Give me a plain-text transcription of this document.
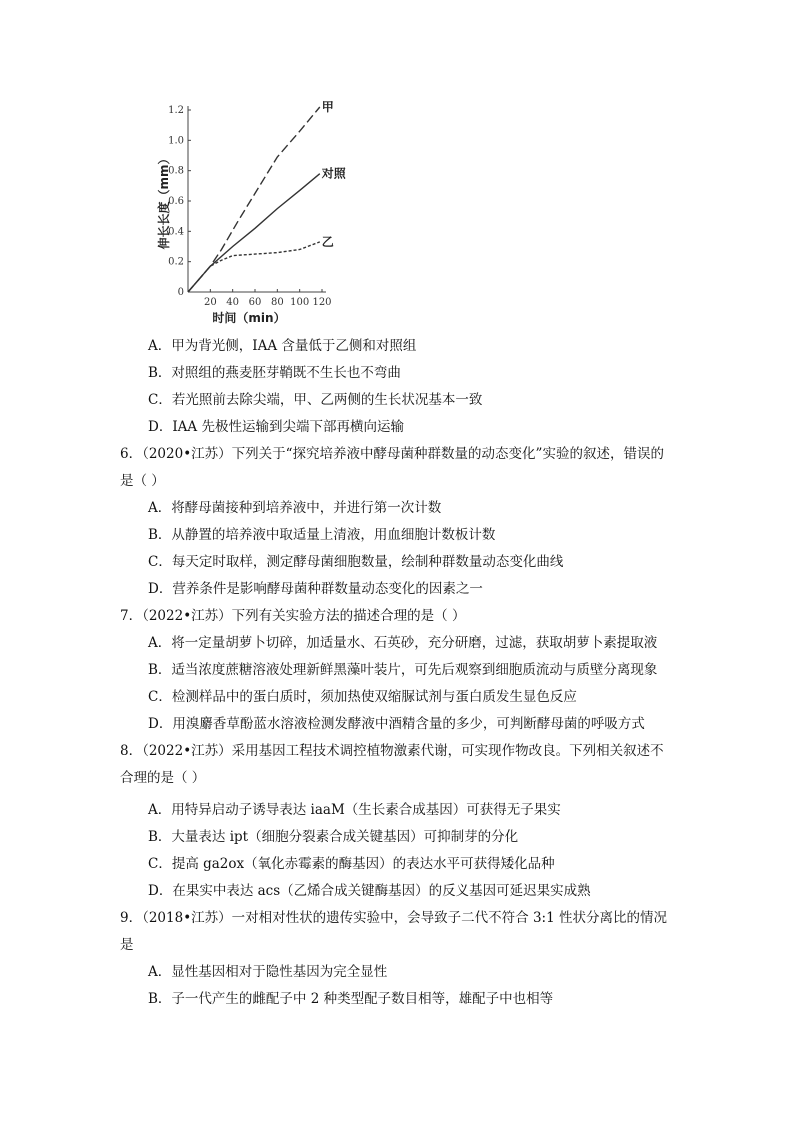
0
0.2
0.4
0.6
0.8
1.0
1.2
20 40 60 80 100 120
时间（min）
伸长长度（mm）
甲
对照
乙
A．甲为背光侧，IAA 含量低于乙侧和对照组
B．对照组的燕麦胚芽鞘既不生长也不弯曲
C．若光照前去除尖端，甲、乙两侧的生长状况基本一致
D．IAA 先极性运输到尖端下部再横向运输
6．（2020•江苏）下列关于“探究培养液中酵母菌种群数量的动态变化”实验的叙述，错误的
是（ ）
A．将酵母菌接种到培养液中，并进行第一次计数
B．从静置的培养液中取适量上清液，用血细胞计数板计数
C．每天定时取样，测定酵母菌细胞数量，绘制种群数量动态变化曲线
D．营养条件是影响酵母菌种群数量动态变化的因素之一
7．（2022•江苏）下列有关实验方法的描述合理的是（ ）
A．将一定量胡萝卜切碎，加适量水、石英砂，充分研磨，过滤，获取胡萝卜素提取液
B．适当浓度蔗糖溶液处理新鲜黑藻叶装片，可先后观察到细胞质流动与质壁分离现象
C．检测样品中的蛋白质时，须加热使双缩脲试剂与蛋白质发生显色反应
D．用溴麝香草酚蓝水溶液检测发酵液中酒精含量的多少，可判断酵母菌的呼吸方式
8．（2022•江苏）采用基因工程技术调控植物激素代谢，可实现作物改良。下列相关叙述不
合理的是（ ）
A．用特异启动子诱导表达 iaaM（生长素合成基因）可获得无子果实
B．大量表达 ipt（细胞分裂素合成关键基因）可抑制芽的分化
C．提高 ga2ox（氧化赤霉素的酶基因）的表达水平可获得矮化品种
D．在果实中表达 acs（乙烯合成关键酶基因）的反义基因可延迟果实成熟
9．（2018•江苏）一对相对性状的遗传实验中，会导致子二代不符合 3:1 性状分离比的情况
是
A．显性基因相对于隐性基因为完全显性
B．子一代产生的雌配子中 2 种类型配子数目相等，雄配子中也相等
